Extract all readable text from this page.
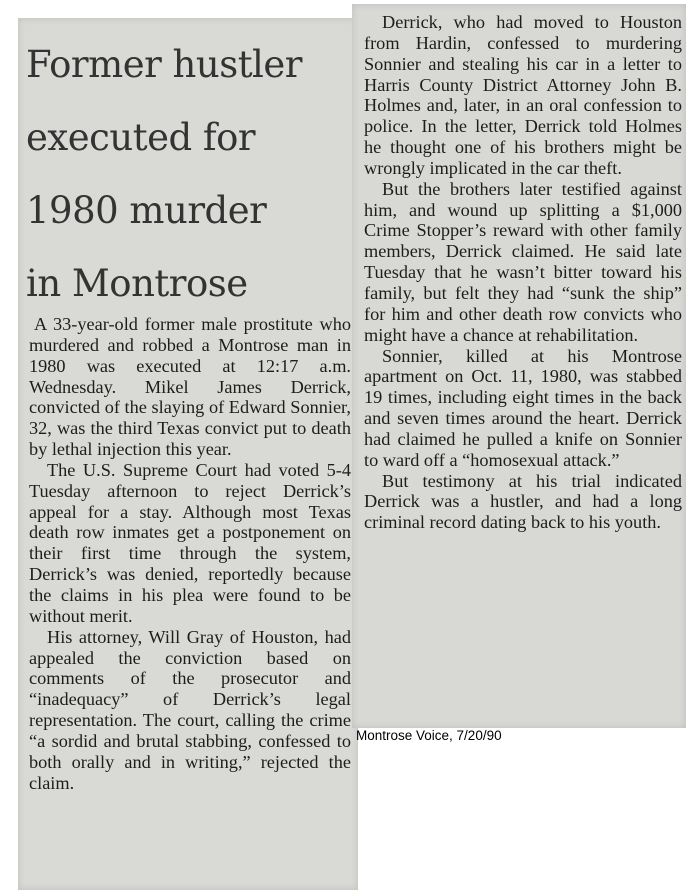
Former hustler
executed for
1980 murder
in Montrose

A 33-year-old former male prostitute who murdered and robbed a Montrose man in 1980 was executed at 12:17 a.m. Wednesday. Mikel James Derrick, convicted of the slaying of Edward Sonnier, 32, was the third Texas convict put to death by lethal injection this year.

The U.S. Supreme Court had voted 5-4 Tuesday afternoon to reject Derrick’s appeal for a stay. Although most Texas death row inmates get a postponement on their first time through the system, Derrick’s was denied, reportedly because the claims in his plea were found to be without merit.

His attorney, Will Gray of Houston, had appealed the conviction based on comments of the prosecutor and “inadequacy” of Derrick’s legal representation. The court, calling the crime “a sordid and brutal stabbing, confessed to both orally and in writing,” rejected the claim.

Derrick, who had moved to Houston from Hardin, confessed to murdering Sonnier and stealing his car in a letter to Harris County District Attorney John B. Holmes and, later, in an oral confession to police. In the letter, Derrick told Holmes he thought one of his brothers might be wrongly implicated in the car theft.

But the brothers later testified against him, and wound up splitting a $1,000 Crime Stopper’s reward with other family members, Derrick claimed. He said late Tuesday that he wasn’t bitter toward his family, but felt they had “sunk the ship” for him and other death row convicts who might have a chance at rehabilitation.

Sonnier, killed at his Montrose apartment on Oct. 11, 1980, was stabbed 19 times, including eight times in the back and seven times around the heart. Derrick had claimed he pulled a knife on Sonnier to ward off a “homosexual attack.”

But testimony at his trial indicated Derrick was a hustler, and had a long criminal record dating back to his youth.

Montrose Voice, 7/20/90
